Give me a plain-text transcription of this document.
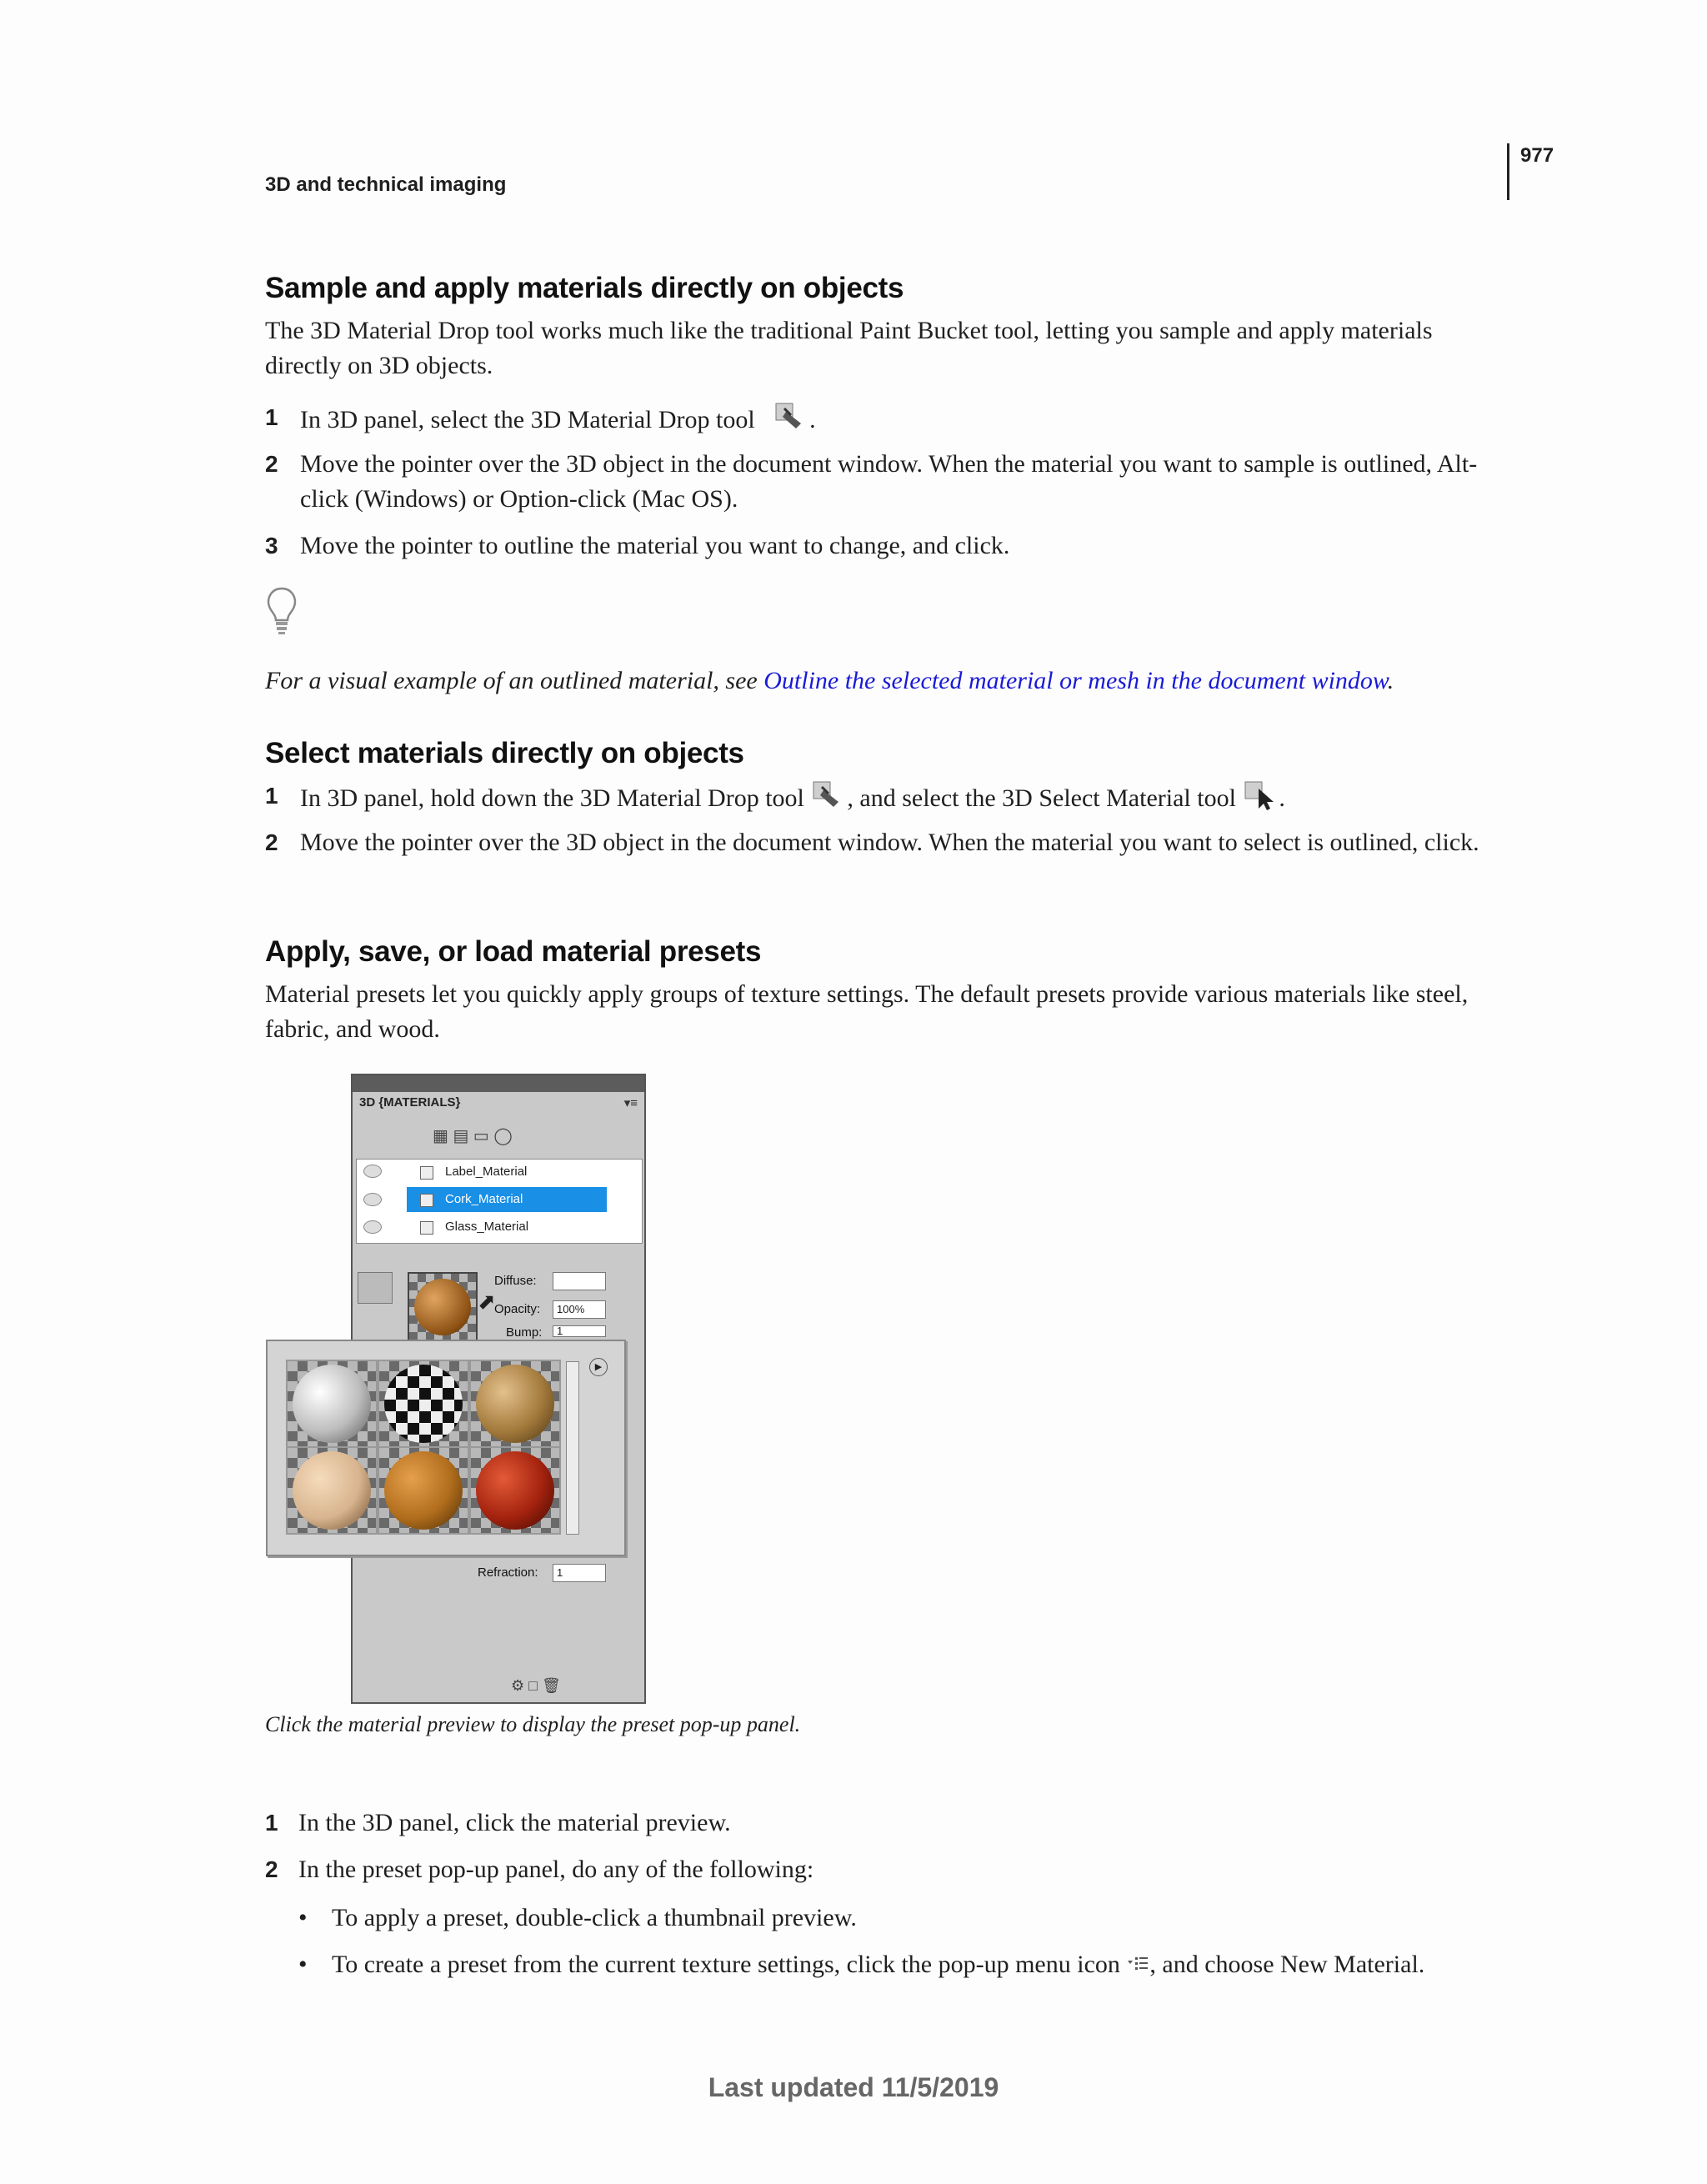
3D and technical imaging
977
Sample and apply materials directly on objects
The 3D Material Drop tool works much like the traditional Paint Bucket tool, letting you sample and apply materials directly on 3D objects.
1 In 3D panel, select the 3D Material Drop tool .
2 Move the pointer over the 3D object in the document window. When the material you want to sample is outlined, Alt-click (Windows) or Option-click (Mac OS).
3 Move the pointer to outline the material you want to change, and click.
For a visual example of an outlined material, see Outline the selected material or mesh in the document window.
Select materials directly on objects
1 In 3D panel, hold down the 3D Material Drop tool , and select the 3D Select Material tool .
2 Move the pointer over the 3D object in the document window. When the material you want to select is outlined, click.
Apply, save, or load material presets
Material presets let you quickly apply groups of texture settings. The default presets provide various materials like steel, fabric, and wood.
3D {MATERIALS}	▾≡
▦ ▤ ▭ ◯
Label_Material
Cork_Material
Glass_Material
⬈
Diffuse:
Opacity:	100%
Bump:	1
Refraction:	1
⚙ □ 🗑
▶
Click the material preview to display the preset pop-up panel.
1 In the 3D panel, click the material preview.
2 In the preset pop-up panel, do any of the following:
• To apply a preset, double-click a thumbnail preview.
• To create a preset from the current texture settings, click the pop-up menu icon , and choose New Material.
Last updated 11/5/2019
